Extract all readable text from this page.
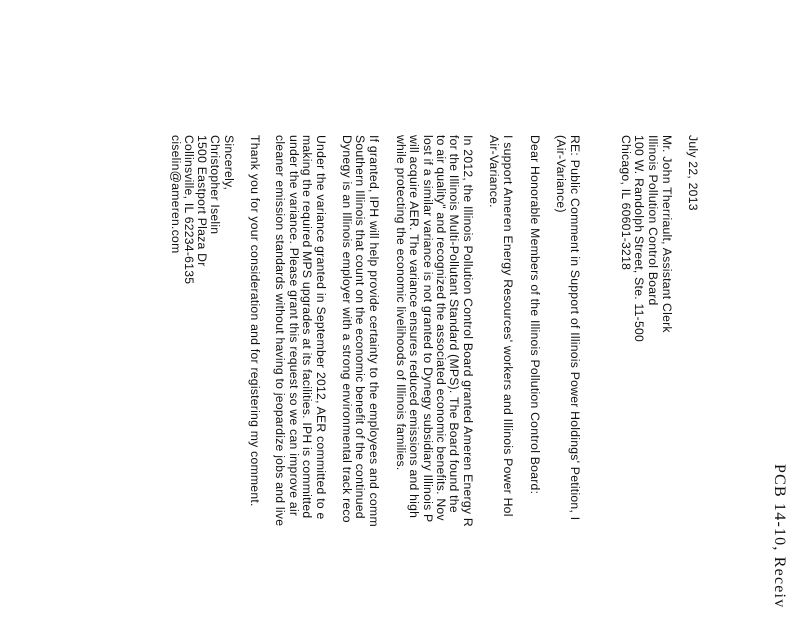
PCB 14-10, Receiv
July 22, 2013
Mr. John Therriault, Assistant Clerk
Illinois Pollution Control Board
100 W. Randolph Street, Ste. 11-500
Chicago, IL 60601-3218
RE: Public Comment in Support of Illinois Power Holdings' Petition, I
(Air-Variance)
Dear Honorable Members of the Illinois Pollution Control Board:
I support Ameren Energy Resources' workers and Illinois Power Hol
Air-Variance.
In 2012, the Illinois Pollution Control Board granted Ameren Energy R
for the Illinois Multi-Pollutant Standard (MPS). The Board found the
to air quality" and recognized the associated economic benefits. Nov
lost if a similar variance is not granted to Dynegy subsidiary Illinois P
will acquire AER. The variance ensures reduced emissions and high
while protecting the economic livelihoods of Illinois families.
If granted, IPH will help provide certainty to the employees and comm
Southern Illinois that count on the economic benefit of the continued
Dynegy is an Illinois employer with a strong environmental track reco
Under the variance granted in September 2012, AER committed to e
making the required MPS upgrades at its facilities. IPH is committed
under the variance. Please grant this request so we can improve air
cleaner emission standards without having to jeopardize jobs and live
Thank you for your consideration and for registering my comment.
Sincerely,
Christopher Iselin
1500 Eastport Plaza Dr
Collinsville, IL 62234-6135
ciselin@ameren.com
